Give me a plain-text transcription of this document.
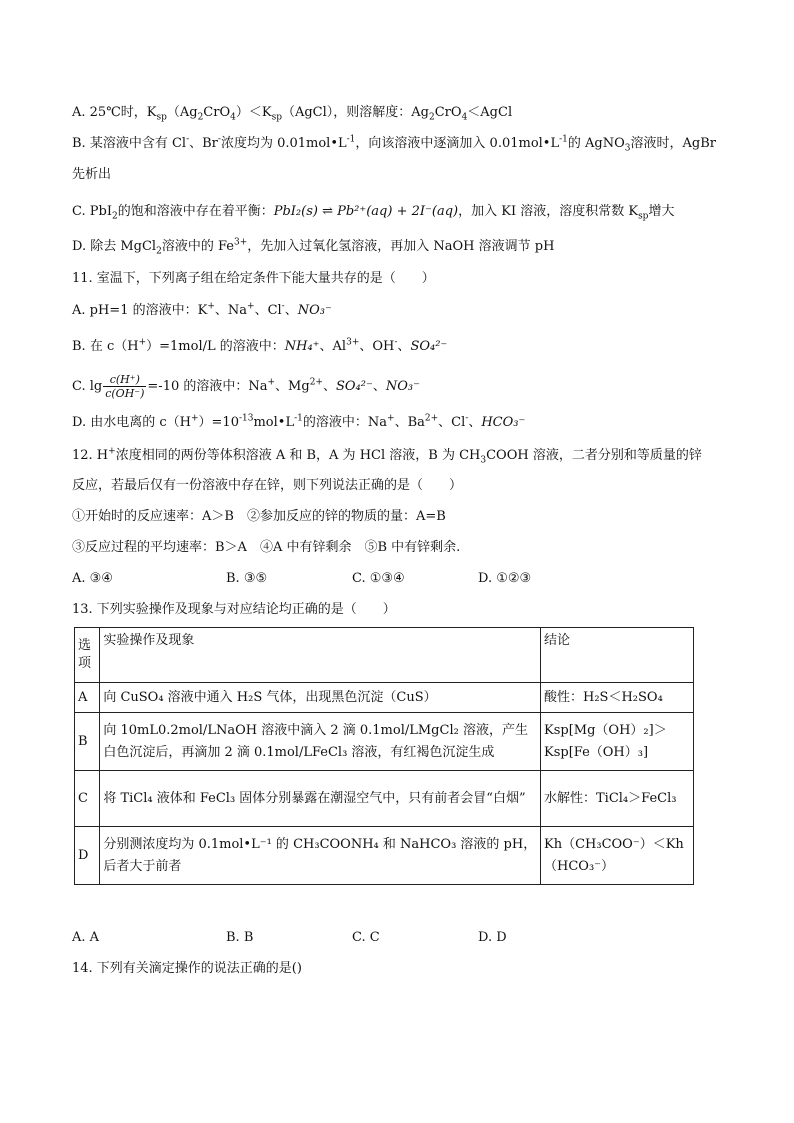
A. 25℃时，$K_{sp}(Ag_2CrO_4)<K_{sp}(AgCl)$，则溶解度：$Ag_2CrO_4<AgCl$
B. 某溶液中含有 Cl-、Br-浓度均为 $0.01mol•L^{-1}$，向该溶液中逐滴加入 $0.01mol•L^{-1}$的 AgNO$_3$溶液时，AgBr
先析出
C. PbI$_2$的饱和溶液中存在着平衡：PbI₂(s) ⇌ Pb²⁺(aq) + 2I⁻(aq)，加入 KI 溶液，溶度积常数 $K_{sp}$增大
D. 除去 MgCl$_2$溶液中的 $Fe^{3+}$，先加入过氧化氢溶液，再加入 NaOH 溶液调节 pH
11. 室温下，下列离子组在给定条件下能大量共存的是（　　）
A. pH=1 的溶液中：K+、Na+、Cl-、NO₃⁻
B. 在 c（H+）=1mol/L 的溶液中：NH₄⁺、$Al^{3+}$、OH-、SO₄²⁻
C. $\lg \frac{c(H^+)}{c(OH^-)} =-10$ 的溶液中：Na+、$Mg^{2+}$、SO₄²⁻、NO₃⁻
D. 由水电离的 $c(H^+)=10^{-13}mol•L^{-1}$的溶液中：Na+、$Ba^{2+}$、Cl-、HCO₃⁻
12. H+浓度相同的两份等体积溶液 A 和 B，A 为 HCl 溶液，B 为 $CH_3COOH$ 溶液，二者分别和等质量的锌
反应，若最后仅有一份溶液中存在锌，则下列说法正确的是（　　）
①开始时的反应速率：A＞B　②参加反应的锌的物质的量：A=B
③反应过程的平均速率：B＞A　④A 中有锌剩余　⑤B 中有锌剩余.
A. ③④	B. ③⑤	C. ①③④	D. ①②③
13. 下列实验操作及现象与对应结论均正确的是（　　）
选项	实验操作及现象	结论
A	向 CuSO₄ 溶液中通入 H₂S 气体，出现黑色沉淀（CuS）	酸性：H₂S＜H₂SO₄
B	向 10mL0.2mol/LNaOH 溶液中滴入 2 滴 0.1mol/LMgCl₂ 溶液，产生白色沉淀后，再滴加 2 滴 0.1mol/LFeCl₃ 溶液，有红褐色沉淀生成	Ksp[Mg（OH）₂]＞Ksp[Fe（OH）₃]
C	将 TiCl₄ 液体和 FeCl₃ 固体分别暴露在潮湿空气中，只有前者会冒“白烟”	水解性：TiCl₄＞FeCl₃
D	分别测浓度均为 0.1mol•L⁻¹ 的 CH₃COONH₄ 和 NaHCO₃ 溶液的 pH，后者大于前者	Kh（CH₃COO⁻）＜Kh（HCO₃⁻）
A. A	B. B	C. C	D. D
14. 下列有关滴定操作的说法正确的是()
